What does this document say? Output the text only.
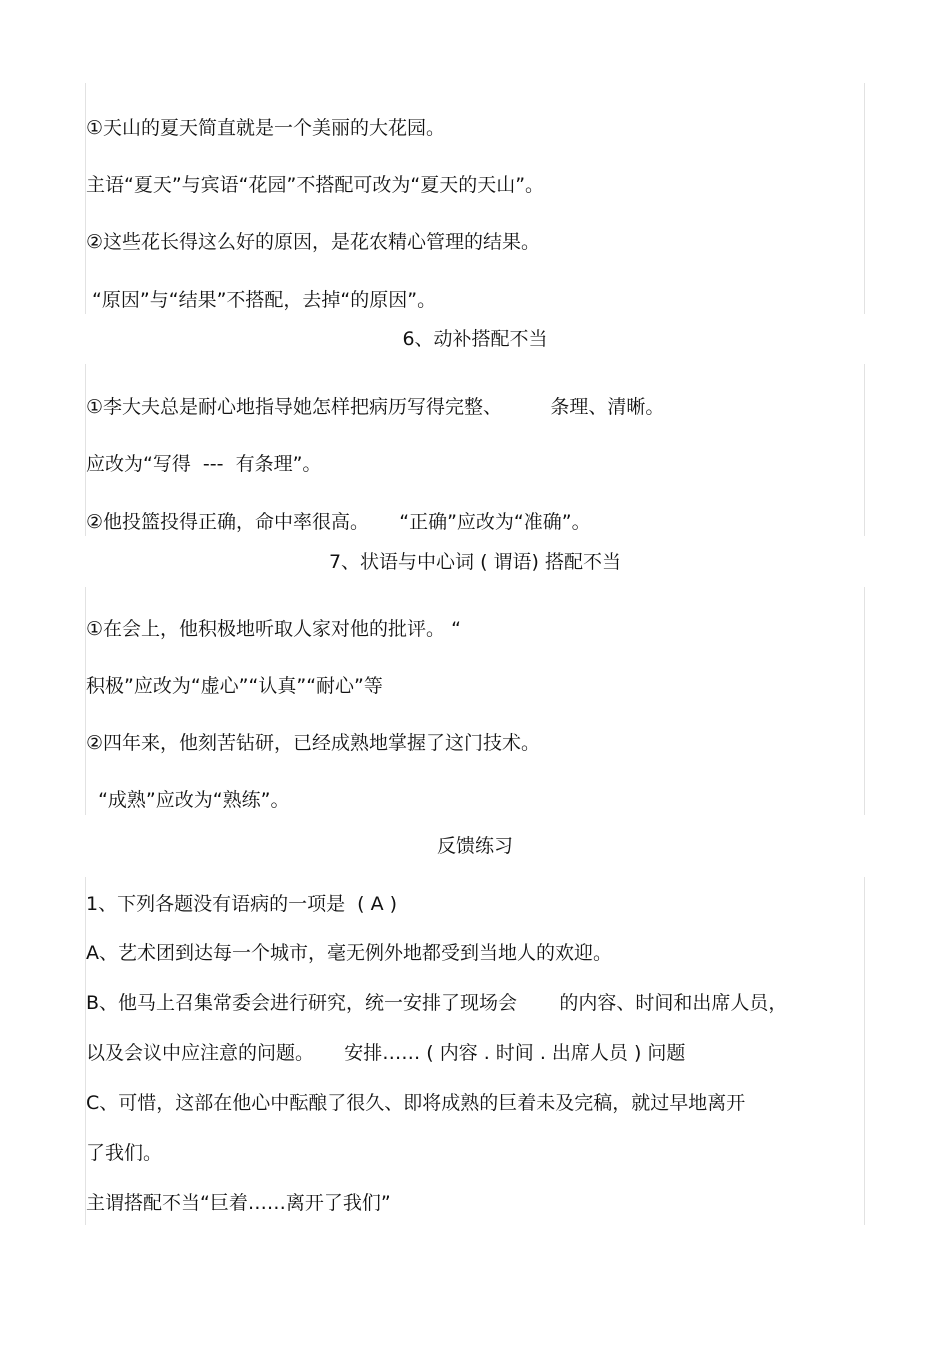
①天山的夏天简直就是一个美丽的大花园。
主语“夏天”与宾语“花园”不搭配可改为“夏天的天山”。
②这些花长得这么好的原因，是花农精心管理的结果。
“原因”与“结果”不搭配，去掉“的原因”。
6、动补搭配不当
①李大夫总是耐心地指导她怎样把病历写得完整、        条理、清晰。
应改为“写得  ---  有条理”。
②他投篮投得正确，命中率很高。     “正确”应改为“准确”。
7、状语与中心词 ( 谓语) 搭配不当
①在会上，他积极地听取人家对他的批评。 “
积极”应改为“虚心”“认真”“耐心”等
②四年来，他刻苦钻研，已经成熟地掌握了这门技术。
“成熟”应改为“熟练”。
反馈练习
1、下列各题没有语病的一项是  ( A )
A、艺术团到达每一个城市，毫无例外地都受到当地人的欢迎。
B、他马上召集常委会进行研究，统一安排了现场会       的内容、时间和出席人员，
以及会议中应注意的问题。     安排…… ( 内容 . 时间 . 出席人员 ) 问题
C、可惜，这部在他心中酝酿了很久、即将成熟的巨着未及完稿，就过早地离开
了我们。
主谓搭配不当“巨着……离开了我们”
